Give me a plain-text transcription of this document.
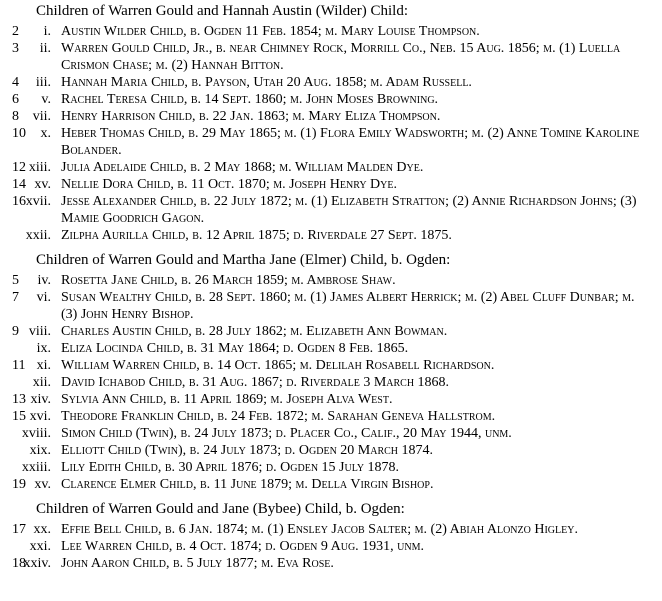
Children of Warren Gould and Hannah Austin (Wilder) Child:
2 i. Austin Wilder Child, b. Ogden 11 Feb. 1854; m. Mary Louise Thompson.
3 ii. Warren Gould Child, Jr., b. near Chimney Rock, Morrill Co., Neb. 15 Aug. 1856; m. (1) Luella Crismon Chase; m. (2) Hannah Bitton.
4 iii. Hannah Maria Child, b. Payson, Utah 20 Aug. 1858; m. Adam Russell.
6 v. Rachel Teresa Child, b. 14 Sept. 1860; m. John Moses Browning.
8 vii. Henry Harrison Child, b. 22 Jan. 1863; m. Mary Eliza Thompson.
10 x. Heber Thomas Child, b. 29 May 1865; m. (1) Flora Emily Wadsworth; m. (2) Anne Tomine Karoline Bolander.
12 xiii. Julia Adelaide Child, b. 2 May 1868; m. William Malden Dye.
14 xv. Nellie Dora Child, b. 11 Oct. 1870; m. Joseph Henry Dye.
16 xvii. Jesse Alexander Child, b. 22 July 1872; m. (1) Elizabeth Stratton; (2) Annie Richardson Johns; (3) Mamie Goodrich Gagon.
xxii. Zilpha Aurilla Child, b. 12 April 1875; d. Riverdale 27 Sept. 1875.
Children of Warren Gould and Martha Jane (Elmer) Child, b. Ogden:
5 iv. Rosetta Jane Child, b. 26 March 1859; m. Ambrose Shaw.
7 vi. Susan Wealthy Child, b. 28 Sept. 1860; m. (1) James Albert Herrick; m. (2) Abel Cluff Dunbar; m. (3) John Henry Bishop.
9 viii. Charles Austin Child, b. 28 July 1862; m. Elizabeth Ann Bowman.
ix. Eliza Locinda Child, b. 31 May 1864; d. Ogden 8 Feb. 1865.
11 xi. William Warren Child, b. 14 Oct. 1865; m. Delilah Rosabell Richardson.
xii. David Ichabod Child, b. 31 Aug. 1867; d. Riverdale 3 March 1868.
13 xiv. Sylvia Ann Child, b. 11 April 1869; m. Joseph Alva West.
15 xvi. Theodore Franklin Child, b. 24 Feb. 1872; m. Sarahan Geneva Hallstrom.
xviii. Simon Child (Twin), b. 24 July 1873; d. Placer Co., Calif., 20 May 1944, unm.
xix. Elliott Child (Twin), b. 24 July 1873; d. Ogden 20 March 1874.
xxiii. Lily Edith Child, b. 30 April 1876; d. Ogden 15 July 1878.
19 xv. Clarence Elmer Child, b. 11 June 1879; m. Della Virgin Bishop.
Children of Warren Gould and Jane (Bybee) Child, b. Ogden:
17 xx. Effie Bell Child, b. 6 Jan. 1874; m. (1) Ensley Jacob Salter; m. (2) Abiah Alonzo Higley.
xxi. Lee Warren Child, b. 4 Oct. 1874; d. Ogden 9 Aug. 1931, unm.
18
xxiv. John Aaron Child, b. 5 July 1877; m. Eva Rose.
